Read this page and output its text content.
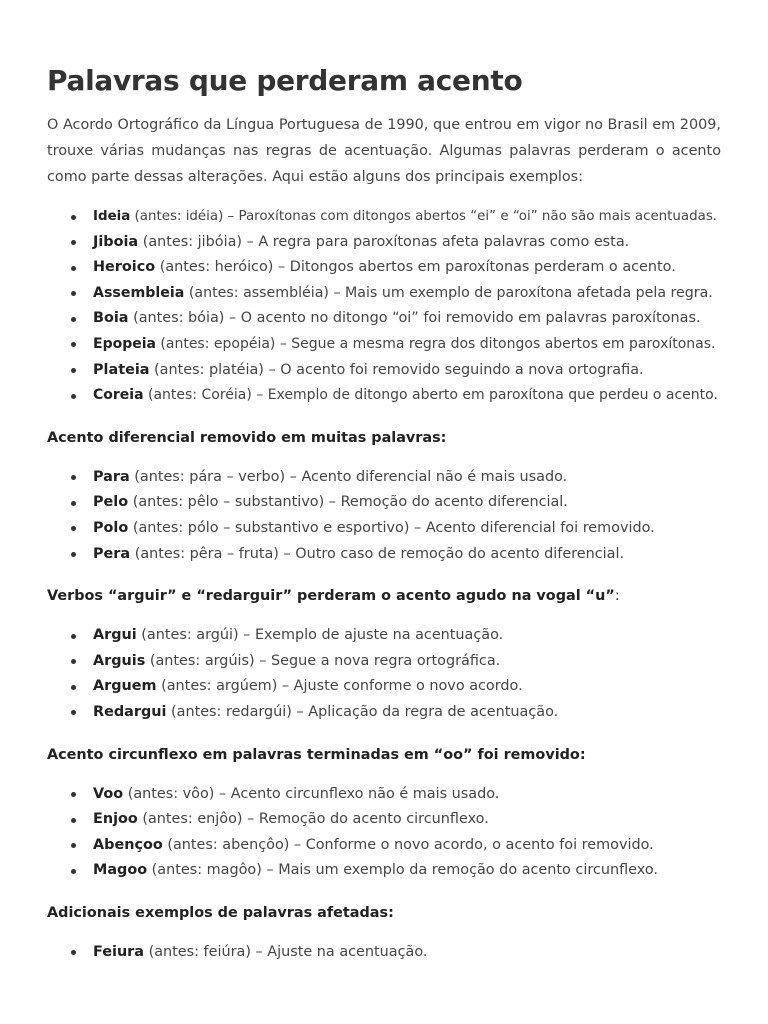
Palavras que perderam acento

O Acordo Ortográfico da Língua Portuguesa de 1990, que entrou em vigor no Brasil em 2009, trouxe várias mudanças nas regras de acentuação. Algumas palavras perderam o acento como parte dessas alterações. Aqui estão alguns dos principais exemplos:

Ideia (antes: idéia) – Paroxítonas com ditongos abertos “ei” e “oi” não são mais acentuadas.
Jiboia (antes: jibóia) – A regra para paroxítonas afeta palavras como esta.
Heroico (antes: heróico) – Ditongos abertos em paroxítonas perderam o acento.
Assembleia (antes: assembléia) – Mais um exemplo de paroxítona afetada pela regra.
Boia (antes: bóia) – O acento no ditongo “oi” foi removido em palavras paroxítonas.
Epopeia (antes: epopéia) – Segue a mesma regra dos ditongos abertos em paroxítonas.
Plateia (antes: platéia) – O acento foi removido seguindo a nova ortografia.
Coreia (antes: Coréia) – Exemplo de ditongo aberto em paroxítona que perdeu o acento.

Acento diferencial removido em muitas palavras:

Para (antes: pára – verbo) – Acento diferencial não é mais usado.
Pelo (antes: pêlo – substantivo) – Remoção do acento diferencial.
Polo (antes: pólo – substantivo e esportivo) – Acento diferencial foi removido.
Pera (antes: pêra – fruta) – Outro caso de remoção do acento diferencial.

Verbos “arguir” e “redarguir” perderam o acento agudo na vogal “u”:

Argui (antes: argúi) – Exemplo de ajuste na acentuação.
Arguis (antes: argúis) – Segue a nova regra ortográfica.
Arguem (antes: argúem) – Ajuste conforme o novo acordo.
Redargui (antes: redargúi) – Aplicação da regra de acentuação.

Acento circunflexo em palavras terminadas em “oo” foi removido:

Voo (antes: vôo) – Acento circunflexo não é mais usado.
Enjoo (antes: enjôo) – Remoção do acento circunflexo.
Abençoo (antes: abençôo) – Conforme o novo acordo, o acento foi removido.
Magoo (antes: magôo) – Mais um exemplo da remoção do acento circunflexo.

Adicionais exemplos de palavras afetadas:

Feiura (antes: feiúra) – Ajuste na acentuação.
